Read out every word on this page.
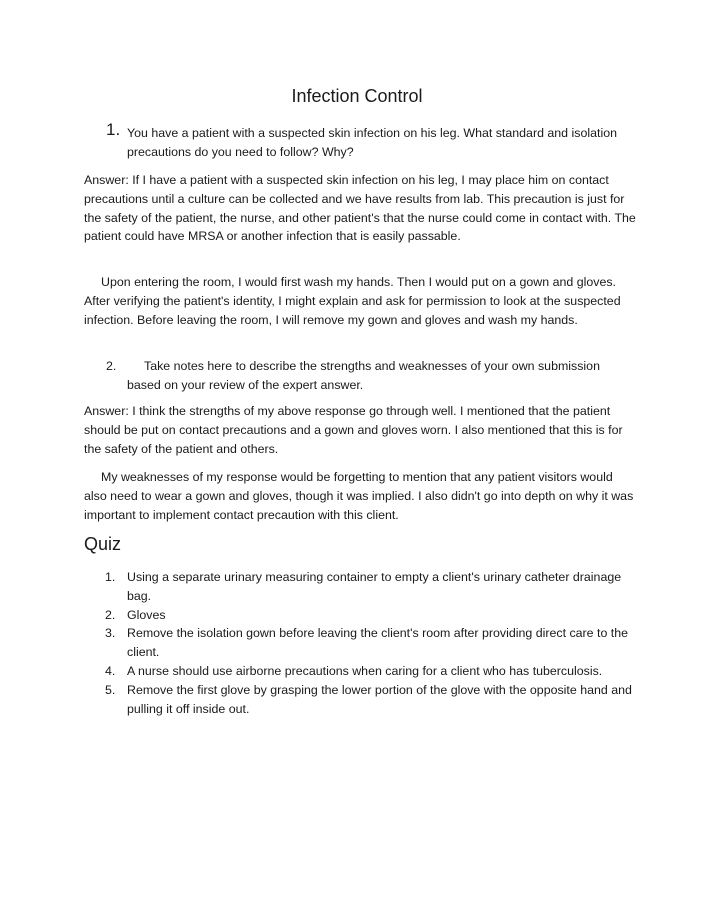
Infection Control
1. You have a patient with a suspected skin infection on his leg. What standard and isolation precautions do you need to follow? Why?

Answer: If I have a patient with a suspected skin infection on his leg, I may place him on contact precautions until a culture can be collected and we have results from lab. This precaution is just for the safety of the patient, the nurse, and other patient's that the nurse could come in contact with. The patient could have MRSA or another infection that is easily passable.

Upon entering the room, I would first wash my hands. Then I would put on a gown and gloves. After verifying the patient's identity, I might explain and ask for permission to look at the suspected infection. Before leaving the room, I will remove my gown and gloves and wash my hands.

2.	Take notes here to describe the strengths and weaknesses of your own submission based on your review of the expert answer.

Answer: I think the strengths of my above response go through well. I mentioned that the patient should be put on contact precautions and a gown and gloves worn. I also mentioned that this is for the safety of the patient and others.

My weaknesses of my response would be forgetting to mention that any patient visitors would also need to wear a gown and gloves, though it was implied. I also didn't go into depth on why it was important to implement contact precaution with this client.

Quiz
1. Using a separate urinary measuring container to empty a client's urinary catheter drainage bag.

2. Gloves

3. Remove the isolation gown before leaving the client's room after providing direct care to the client.

4. A nurse should use airborne precautions when caring for a client who has tuberculosis.

5. Remove the first glove by grasping the lower portion of the glove with the opposite hand and pulling it off inside out.
